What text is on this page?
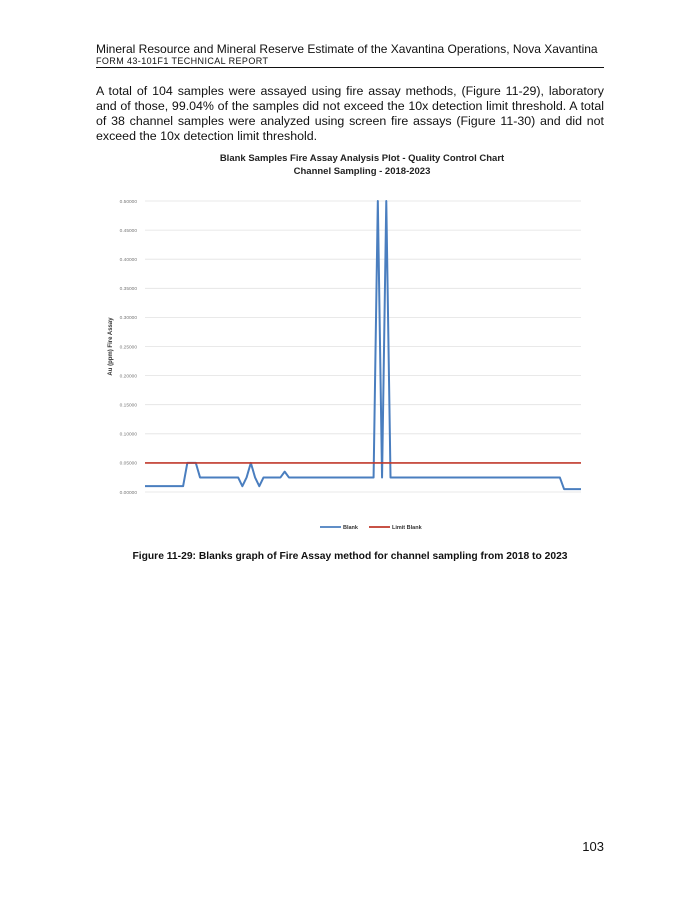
Mineral Resource and Mineral Reserve Estimate of the Xavantina Operations, Nova Xavantina
FORM 43-101F1 TECHNICAL REPORT
A total of 104 samples were assayed using fire assay methods, (Figure 11-29), laboratory and of those, 99.04% of the samples did not exceed the 10x detection limit threshold. A total of 38 channel samples were analyzed using screen fire assays (Figure 11-30) and did not exceed the 10x detection limit threshold.
Blank Samples Fire Assay Analysis Plot - Quality Control Chart
Channel Sampling - 2018-2023
0.00000
0.05000
0.10000
0.15000
0.20000
0.25000
0.30000
0.35000
0.40000
0.45000
0.50000
Au (ppm) Fire Assay
Blank	Limit Blank
Figure 11-29: Blanks graph of Fire Assay method for channel sampling from 2018 to 2023
103
